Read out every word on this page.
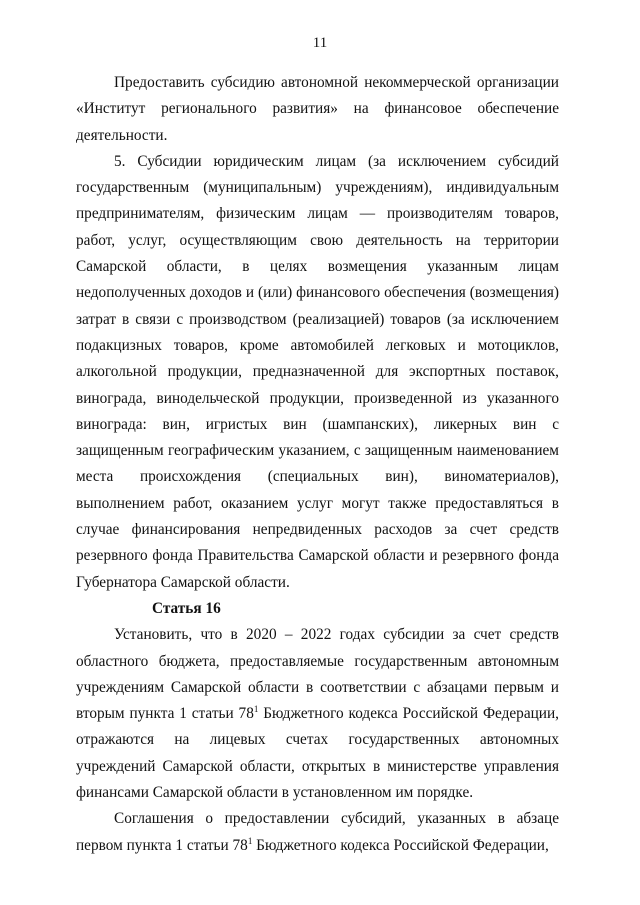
11

Предоставить субсидию автономной некоммерческой организации «Институт регионального развития» на финансовое обеспечение деятельности.

5. Субсидии юридическим лицам (за исключением субсидий государственным (муниципальным) учреждениям), индивидуальным предпринимателям, физическим лицам — производителям товаров, работ, услуг, осуществляющим свою деятельность на территории Самарской области, в целях возмещения указанным лицам недополученных доходов и (или) финансового обеспечения (возмещения) затрат в связи с производством (реализацией) товаров (за исключением подакцизных товаров, кроме автомобилей легковых и мотоциклов, алкогольной продукции, предназначенной для экспортных поставок, винограда, винодельческой продукции, произведенной из указанного винограда: вин, игристых вин (шампанских), ликерных вин с защищенным географическим указанием, с защищенным наименованием места происхождения (специальных вин), виноматериалов), выполнением работ, оказанием услуг могут также предоставляться в случае финансирования непредвиденных расходов за счет средств резервного фонда Правительства Самарской области и резервного фонда Губернатора Самарской области.

Статья 16

Установить, что в 2020 – 2022 годах субсидии за счет средств областного бюджета, предоставляемые государственным автономным учреждениям Самарской области в соответствии с абзацами первым и вторым пункта 1 статьи $78^1$ Бюджетного кодекса Российской Федерации, отражаются на лицевых счетах государственных автономных учреждений Самарской области, открытых в министерстве управления финансами Самарской области в установленном им порядке.

Соглашения о предоставлении субсидий, указанных в абзаце первом пункта 1 статьи $78^1$ Бюджетного кодекса Российской Федерации,
